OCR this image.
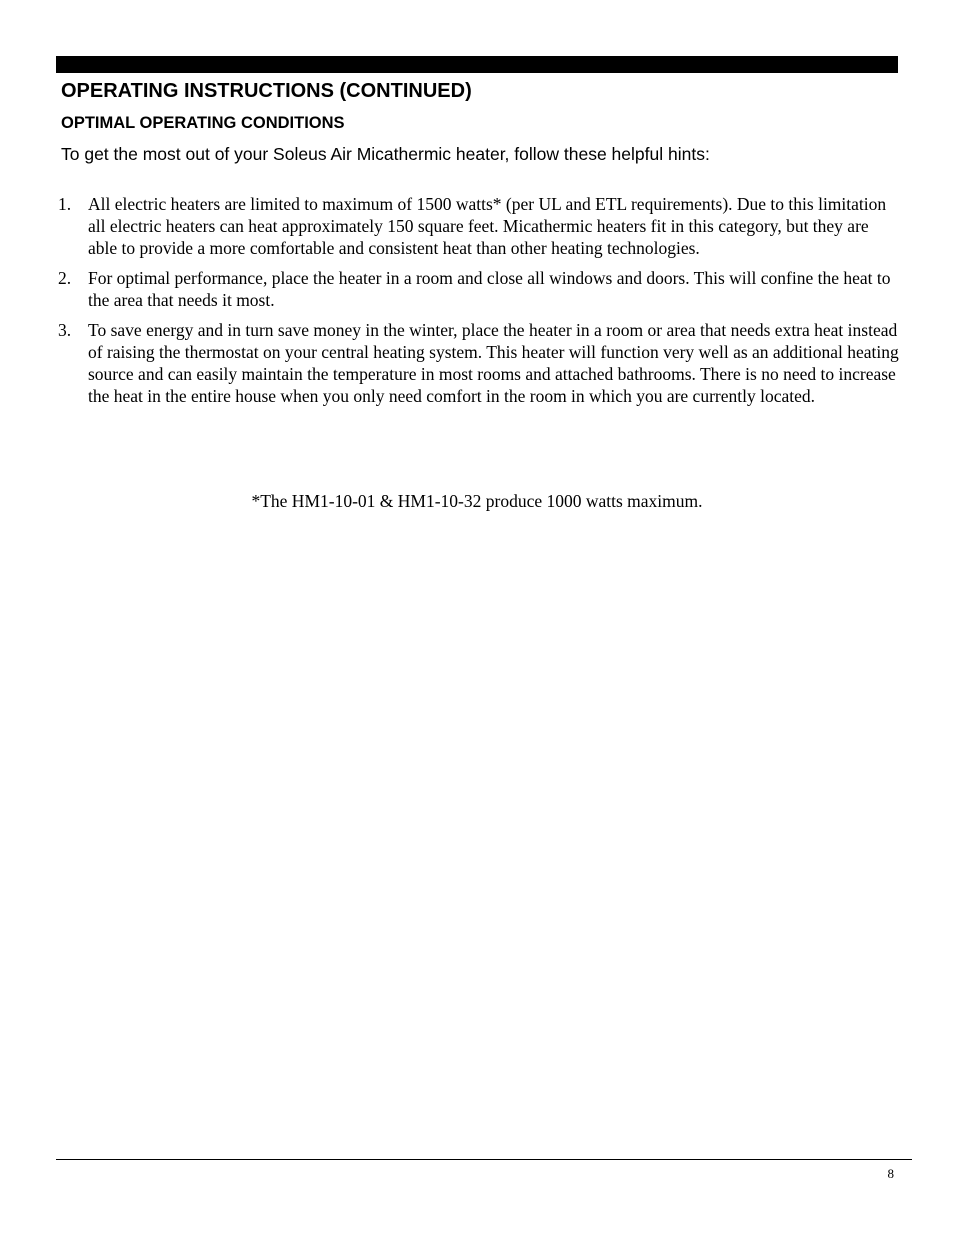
OPERATING INSTRUCTIONS (CONTINUED)
OPTIMAL OPERATING CONDITIONS

To get the most out of your Soleus Air Micathermic heater, follow these helpful hints:

1. All electric heaters are limited to maximum of 1500 watts* (per UL and ETL requirements). Due to this limitation all electric heaters can heat approximately 150 square feet. Micathermic heaters fit in this category, but they are able to provide a more comfortable and consistent heat than other heating technologies.
2. For optimal performance, place the heater in a room and close all windows and doors. This will confine the heat to the area that needs it most.
3. To save energy and in turn save money in the winter, place the heater in a room or area that needs extra heat instead of raising the thermostat on your central heating system. This heater will function very well as an additional heating source and can easily maintain the temperature in most rooms and attached bathrooms. There is no need to increase the heat in the entire house when you only need comfort in the room in which you are currently located.

*The HM1-10-01 & HM1-10-32 produce 1000 watts maximum.

8
